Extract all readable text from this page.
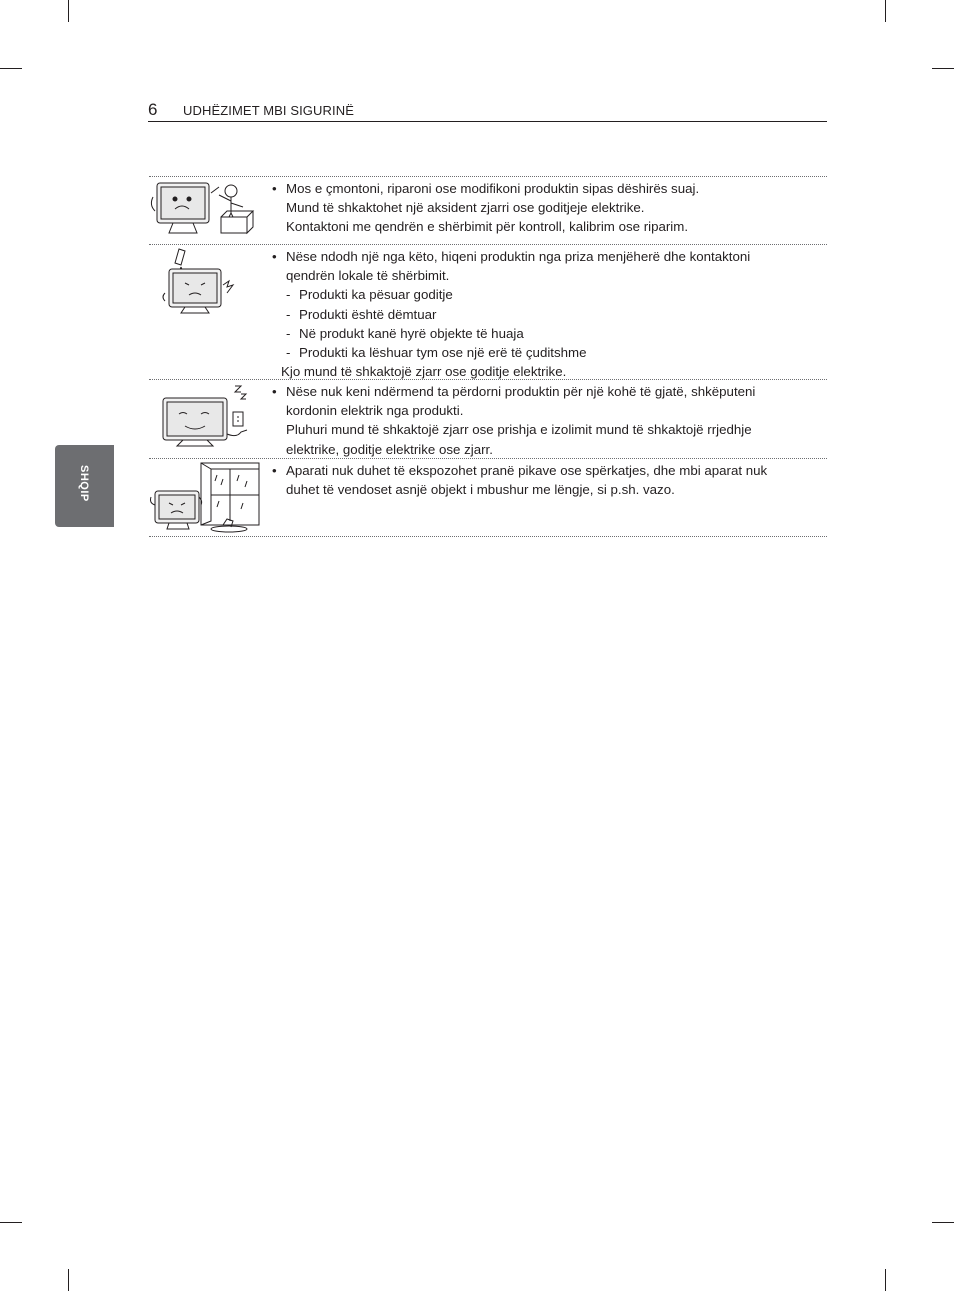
6 UDHËZIMET MBI SIGURINË
SHQIP
• Mos e çmontoni, riparoni ose modifikoni produktin sipas dëshirës suaj.
Mund të shkaktohet një aksident zjarri ose goditjeje elektrike.
Kontaktoni me qendrën e shërbimit për kontroll, kalibrim ose riparim.
• Nëse ndodh një nga këto, hiqeni produktin nga priza menjëherë dhe kontaktoni
qendrën lokale të shërbimit.
- Produkti ka pësuar goditje
- Produkti është dëmtuar
- Në produkt kanë hyrë objekte të huaja
- Produkti ka lëshuar tym ose një erë të çuditshme
Kjo mund të shkaktojë zjarr ose goditje elektrike.
• Nëse nuk keni ndërmend ta përdorni produktin për një kohë të gjatë, shkëputeni
kordonin elektrik nga produkti.
Pluhuri mund të shkaktojë zjarr ose prishja e izolimit mund të shkaktojë rrjedhje
elektrike, goditje elektrike ose zjarr.
• Aparati nuk duhet të ekspozohet pranë pikave ose spërkatjes, dhe mbi aparat nuk
duhet të vendoset asnjë objekt i mbushur me lëngje, si p.sh. vazo.
